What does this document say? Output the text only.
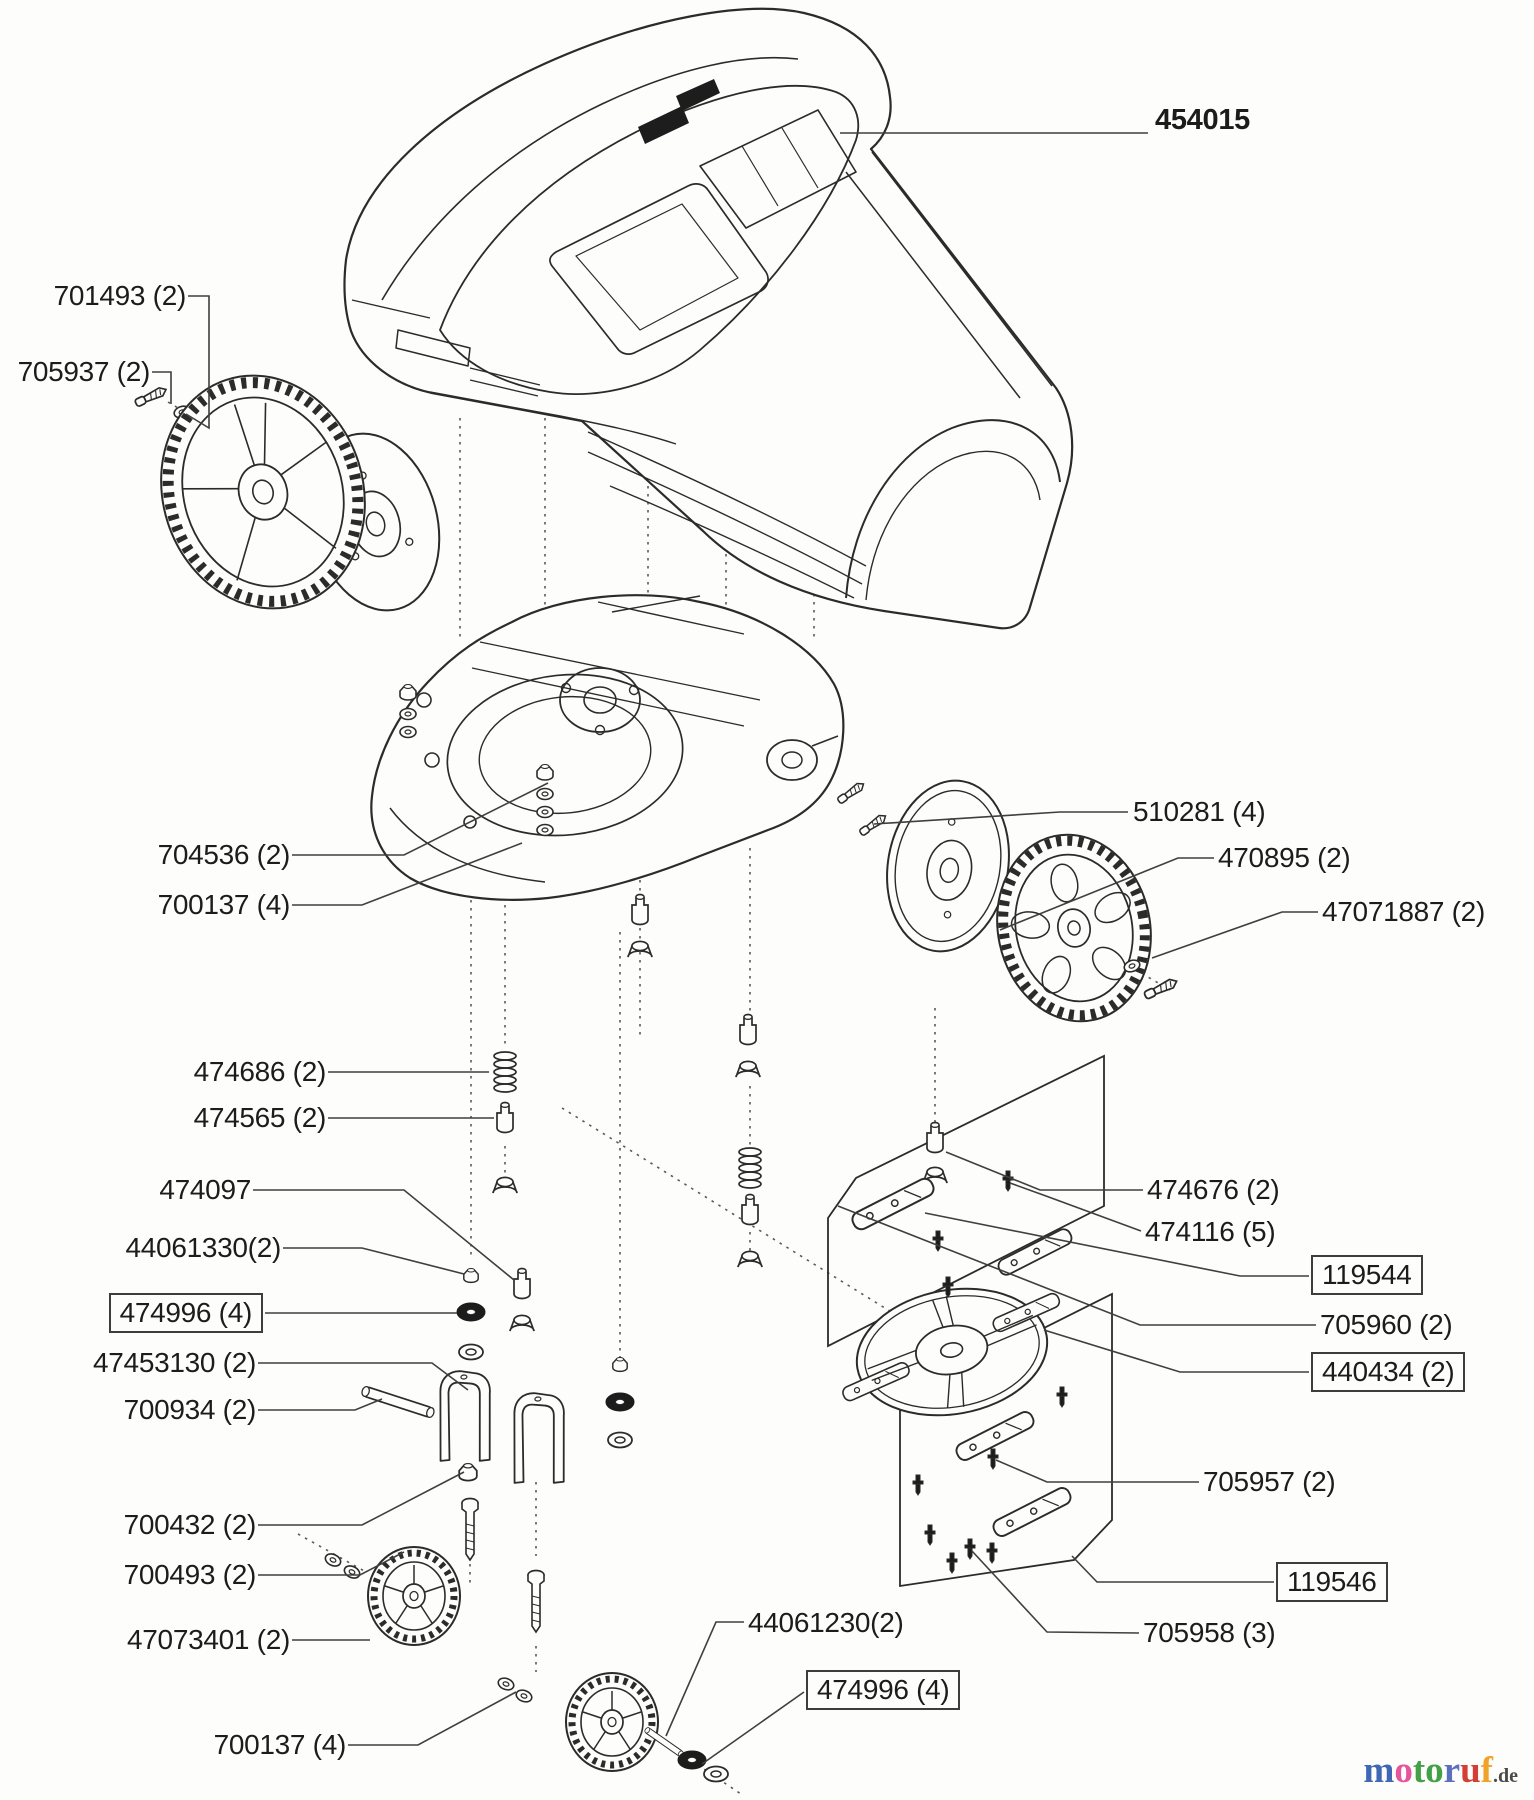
454015
701493 (2)
705937 (2)
704536 (2)
700137 (4)
474686 (2)
474565 (2)
474097
44061330(2)
474996 (4)
47453130 (2)
700934 (2)
700432 (2)
700493 (2)
47073401 (2)
700137 (4)
510281 (4)
470895 (2)
47071887 (2)
474676 (2)
474116 (5)
119544
705960 (2)
440434 (2)
705957 (2)
119546
705958 (3)
44061230(2)
474996 (4)
motoruf.de
